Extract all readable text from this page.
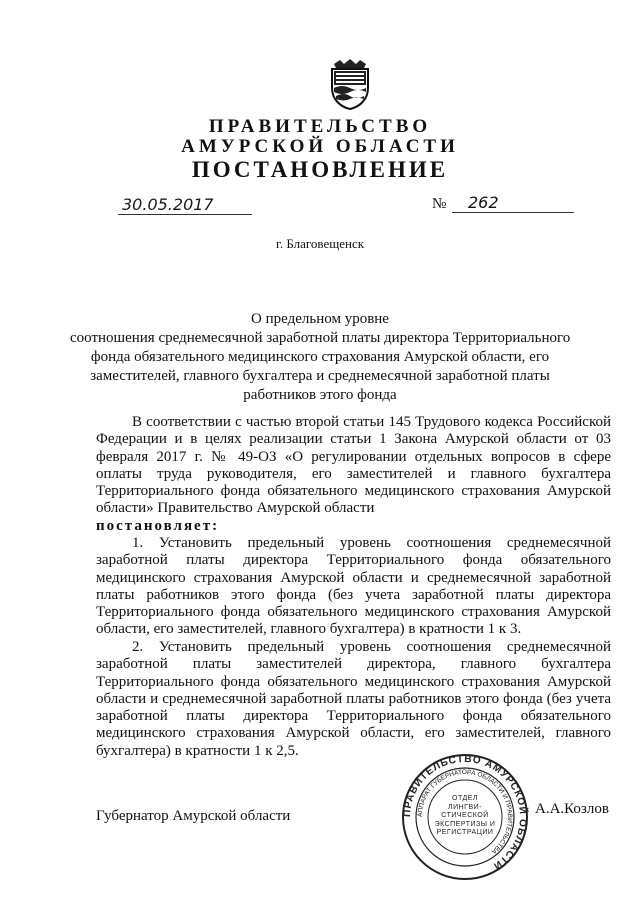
ПРАВИТЕЛЬСТВО

АМУРСКОЙ ОБЛАСТИ

ПОСТАНОВЛЕНИЕ

30.05.2017	№	262
г. Благовещенск
О предельном уровне
соотношения среднемесячной заработной платы директора Территориального
фонда обязательного медицинского страхования Амурской области, его
заместителей, главного бухгалтера и среднемесячной заработной платы
работников этого фонда
В соответствии с частью второй статьи 145 Трудового кодекса Российской Федерации и в целях реализации статьи 1 Закона Амурской области от 03 февраля 2017 г. № 49-ОЗ «О регулировании отдельных вопросов в сфере оплаты труда руководителя, его заместителей и главного бухгалтера Территориального фонда обязательного медицинского страхования Амурской области» Правительство Амурской области
постановляет:
1. Установить предельный уровень соотношения среднемесячной заработной платы директора Территориального фонда обязательного медицинского страхования Амурской области и среднемесячной заработной платы работников этого фонда (без учета заработной платы директора Территориального фонда обязательного медицинского страхования Амурской области, его заместителей, главного бухгалтера) в кратности 1 к 3.
2. Установить предельный уровень соотношения среднемесячной заработной платы заместителей директора, главного бухгалтера Территориального фонда обязательного медицинского страхования Амурской области и среднемесячной заработной платы работников этого фонда (без учета заработной платы директора Территориального фонда обязательного медицинского страхования Амурской области, его заместителей, главного бухгалтера) в кратности 1 к 2,5.
Губернатор Амурской области	ПРАВИТЕЛЬСТВО АМУРСКОЙ ОБЛАСТИ
АППАРАТ ГУБЕРНАТОРА ОБЛАСТИ И ПРАВИТЕЛЬСТВА
ОТДЕЛ
ЛИНГВИ-
СТИЧЕСКОЙ
ЭКСПЕРТИЗЫ И
РЕГИСТРАЦИИ
А.А.Козлов
